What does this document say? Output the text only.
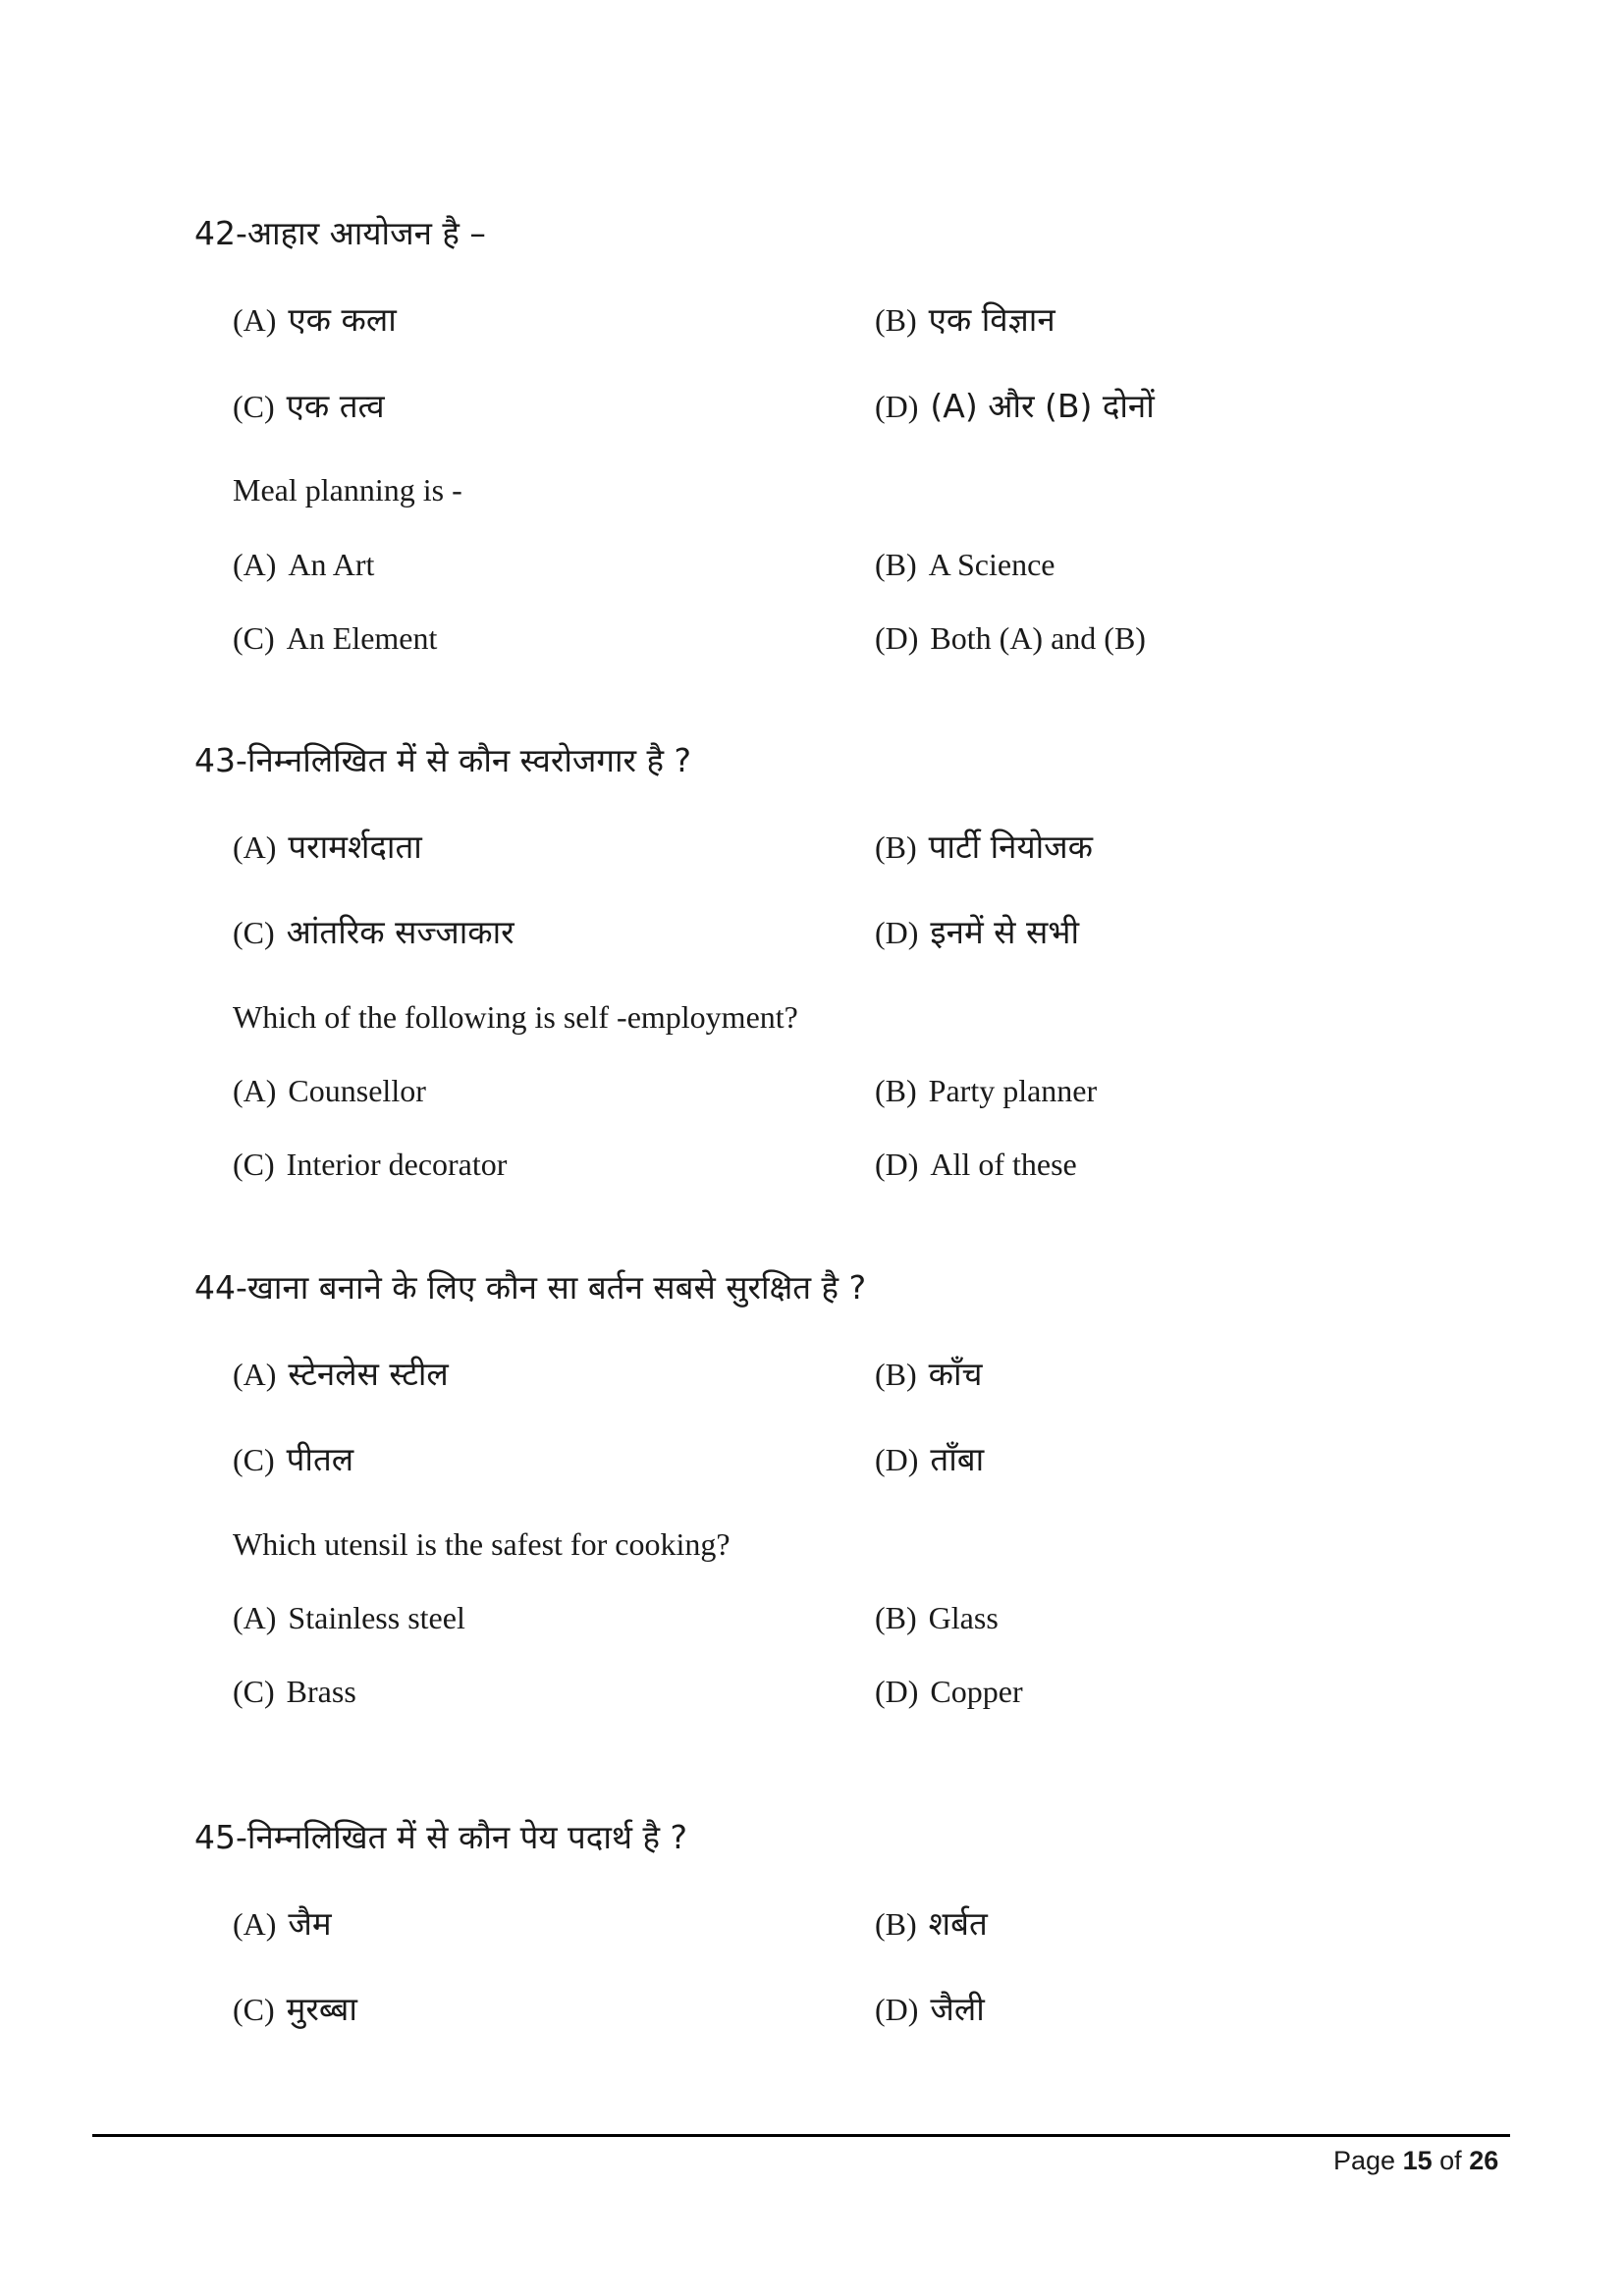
42-आहार आयोजन है –
(A) एक कला	(B) एक विज्ञान
(C) एक तत्व	(D) (A) और (B) दोनों
Meal planning is -
(A) An Art	(B) A Science
(C) An Element	(D) Both (A) and (B)
43-निम्नलिखित में से कौन स्वरोजगार है ?
(A) परामर्शदाता	(B) पार्टी नियोजक
(C) आंतरिक सज्जाकार	(D) इनमें से सभी
Which of the following is self -employment?
(A) Counsellor	(B) Party planner
(C) Interior decorator	(D) All of these
44-खाना बनाने के लिए कौन सा बर्तन सबसे सुरक्षित है ?
(A) स्टेनलेस स्टील	(B) काँच
(C) पीतल	(D) ताँबा
Which utensil is the safest for cooking?
(A) Stainless steel	(B) Glass
(C) Brass	(D) Copper
45-निम्नलिखित में से कौन पेय पदार्थ है ?
(A) जैम	(B) शर्बत
(C) मुरब्बा	(D) जैली
Page 15 of 26
